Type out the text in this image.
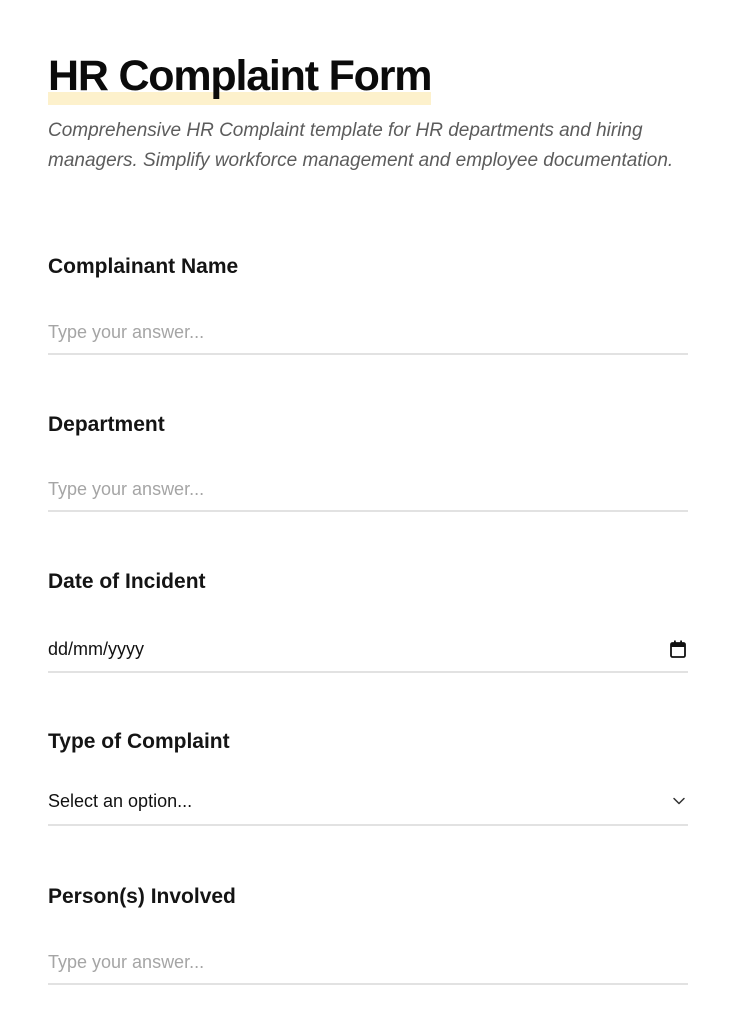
HR Complaint Form

Comprehensive HR Complaint template for HR departments and hiring managers. Simplify workforce management and employee documentation.

Complainant Name
Type your answer...
Department
Type your answer...
Date of Incident
dd/mm/yyyy
Type of Complaint
Select an option...
Person(s) Involved
Type your answer...
